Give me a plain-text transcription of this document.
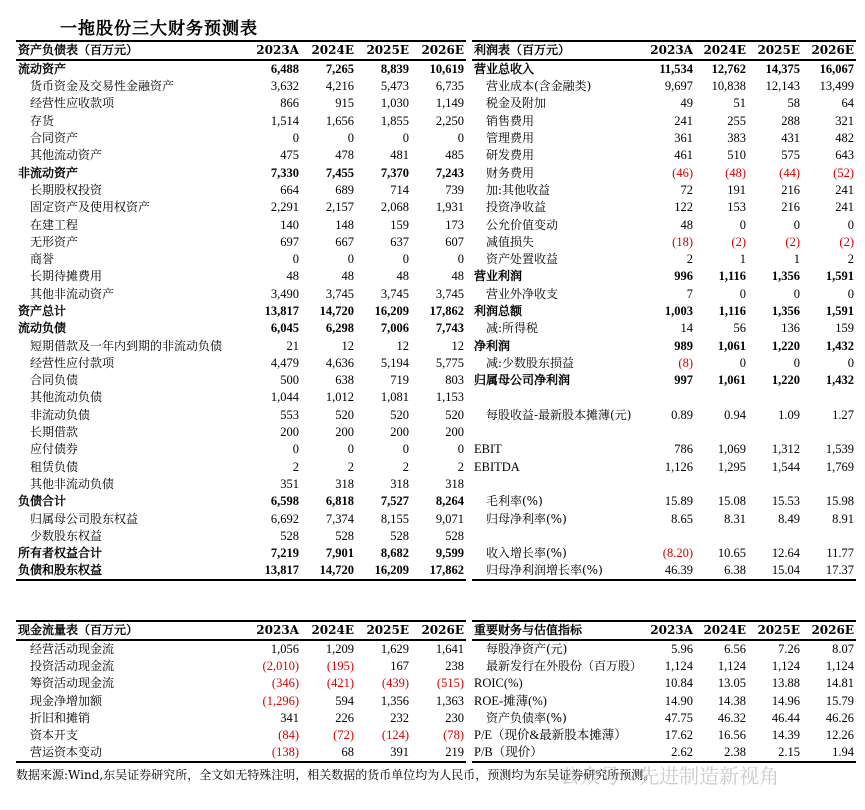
一拖股份三大财务预测表
资产负债表（百万元）	2023A	2024E	2025E	2026E
流动资产	6,488	7,265	8,839	10,619
货币资金及交易性金融资产	3,632	4,216	5,473	6,735
经营性应收款项	866	915	1,030	1,149
存货	1,514	1,656	1,855	2,250
合同资产	0	0	0	0
其他流动资产	475	478	481	485
非流动资产	7,330	7,455	7,370	7,243
长期股权投资	664	689	714	739
固定资产及使用权资产	2,291	2,157	2,068	1,931
在建工程	140	148	159	173
无形资产	697	667	637	607
商誉	0	0	0	0
长期待摊费用	48	48	48	48
其他非流动资产	3,490	3,745	3,745	3,745
资产总计	13,817	14,720	16,209	17,862
流动负债	6,045	6,298	7,006	7,743
短期借款及一年内到期的非流动负债	21	12	12	12
经营性应付款项	4,479	4,636	5,194	5,775
合同负债	500	638	719	803
其他流动负债	1,044	1,012	1,081	1,153
非流动负债	553	520	520	520
长期借款	200	200	200	200
应付债券	0	0	0	0
租赁负债	2	2	2	2
其他非流动负债	351	318	318	318
负债合计	6,598	6,818	7,527	8,264
归属母公司股东权益	6,692	7,374	8,155	9,071
少数股东权益	528	528	528	528
所有者权益合计	7,219	7,901	8,682	9,599
负债和股东权益	13,817	14,720	16,209	17,862
利润表（百万元）	2023A	2024E	2025E	2026E
营业总收入	11,534	12,762	14,375	16,067
营业成本(含金融类)	9,697	10,838	12,143	13,499
税金及附加	49	51	58	64
销售费用	241	255	288	321
管理费用	361	383	431	482
研发费用	461	510	575	643
财务费用	(46)	(48)	(44)	(52)
加:其他收益	72	191	216	241
投资净收益	122	153	216	241
公允价值变动	48	0	0	0
减值损失	(18)	(2)	(2)	(2)
资产处置收益	2	1	1	2
营业利润	996	1,116	1,356	1,591
营业外净收支	7	0	0	0
利润总额	1,003	1,116	1,356	1,591
减:所得税	14	56	136	159
净利润	989	1,061	1,220	1,432
减:少数股东损益	(8)	0	0	0
归属母公司净利润	997	1,061	1,220	1,432

每股收益-最新股本摊薄(元)	0.89	0.94	1.09	1.27

EBIT	786	1,069	1,312	1,539
EBITDA	1,126	1,295	1,544	1,769

毛利率(%)	15.89	15.08	15.53	15.98
归母净利率(%)	8.65	8.31	8.49	8.91

收入增长率(%)	(8.20)	10.65	12.64	11.77
归母净利润增长率(%)	46.39	6.38	15.04	17.37
现金流量表（百万元）	2023A	2024E	2025E	2026E
经营活动现金流	1,056	1,209	1,629	1,641
投资活动现金流	(2,010)	(195)	167	238
筹资活动现金流	(346)	(421)	(439)	(515)
现金净增加额	(1,296)	594	1,356	1,363
折旧和摊销	341	226	232	230
资本开支	(84)	(72)	(124)	(78)
营运资本变动	(138)	68	391	219
重要财务与估值指标	2023A	2024E	2025E	2026E
每股净资产(元)	5.96	6.56	7.26	8.07
最新发行在外股份（百万股）	1,124	1,124	1,124	1,124
ROIC(%)	10.84	13.05	13.88	14.81
ROE-摊薄(%)	14.90	14.38	14.96	15.79
资产负债率(%)	47.75	46.32	46.44	46.26
P/E（现价&最新股本摊薄）	17.62	16.56	14.39	12.26
P/B（现价）	2.62	2.38	2.15	1.94
数据来源:Wind,东吴证券研究所，全文如无特殊注明，相关数据的货币单位均为人民币，预测均为东吴证券研究所预测。
公众号 · 先进制造新视角
